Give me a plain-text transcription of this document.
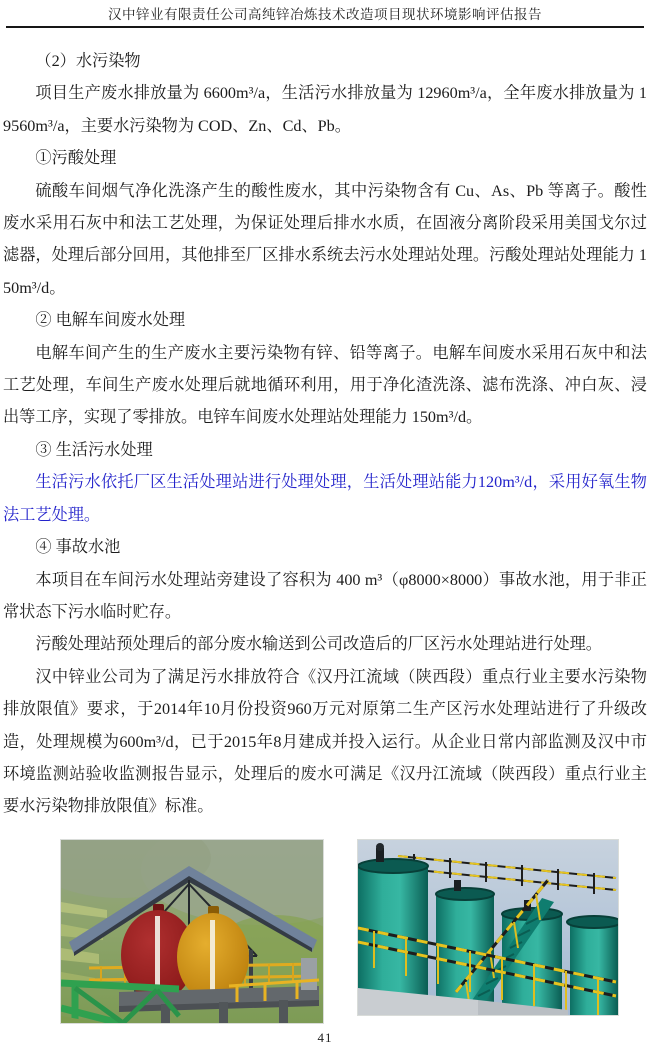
汉中锌业有限责任公司高纯锌冶炼技术改造项目现状环境影响评估报告

（2）水污染物

项目生产废水排放量为 6600m³/a，生活污水排放量为 12960m³/a，全年废水排放量为 19560m³/a，主要水污染物为 COD、Zn、Cd、Pb。

①污酸处理

硫酸车间烟气净化洗涤产生的酸性废水，其中污染物含有 Cu、As、Pb 等离子。酸性废水采用石灰中和法工艺处理，为保证处理后排水水质，在固液分离阶段采用美国戈尔过滤器，处理后部分回用，其他排至厂区排水系统去污水处理站处理。污酸处理站处理能力 150m³/d。

② 电解车间废水处理

电解车间产生的生产废水主要污染物有锌、铅等离子。电解车间废水采用石灰中和法工艺处理，车间生产废水处理后就地循环利用，用于净化渣洗涤、滤布洗涤、冲白灰、浸出等工序，实现了零排放。电锌车间废水处理站处理能力 150m³/d。

③ 生活污水处理

生活污水依托厂区生活处理站进行处理处理，生活处理站能力120m³/d，采用好氧生物法工艺处理。

④ 事故水池

本项目在车间污水处理站旁建设了容积为 400 m³（φ8000×8000）事故水池，用于非正常状态下污水临时贮存。

污酸处理站预处理后的部分废水输送到公司改造后的厂区污水处理站进行处理。

汉中锌业公司为了满足污水排放符合《汉丹江流域（陕西段）重点行业主要水污染物排放限值》要求，于2014年10月份投资960万元对原第二生产区污水处理站进行了升级改造，处理规模为600m³/d，已于2015年8月建成并投入运行。从企业日常内部监测及汉中市环境监测站验收监测报告显示，处理后的废水可满足《汉丹江流域（陕西段）重点行业主要水污染物排放限值》标准。

41
